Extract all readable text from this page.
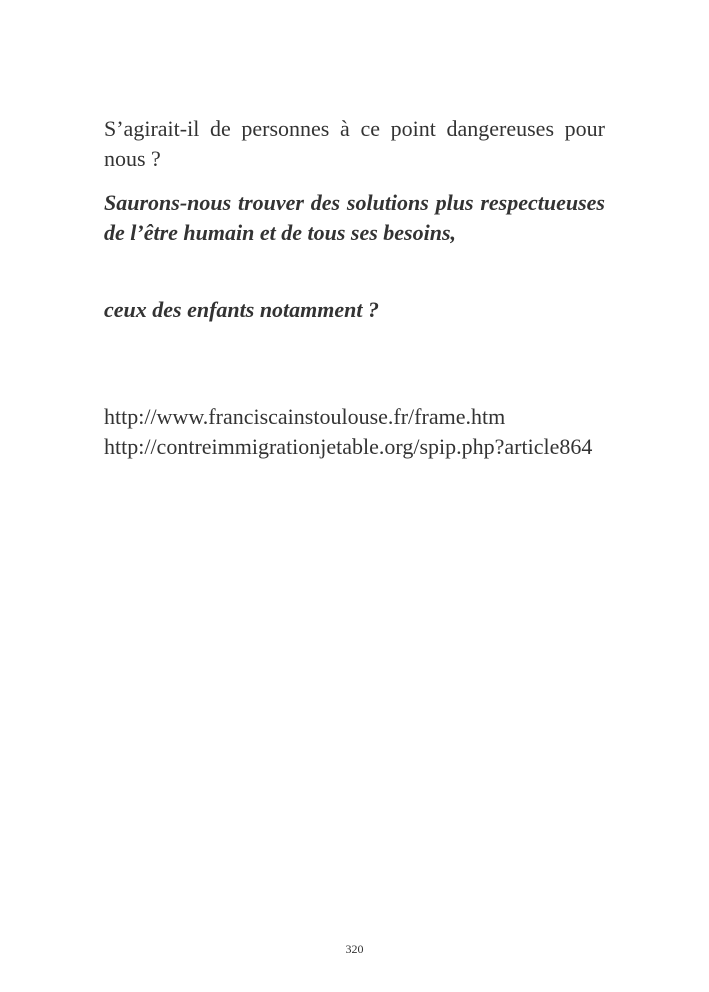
S’agirait-il de personnes à ce point dangereuses pour nous ?

Saurons-nous trouver des solutions plus respectueuses de l’être humain et de tous ses besoins,

ceux des enfants notamment ?

http://www.franciscainstoulouse.fr/frame.htm
http://contreimmigrationjetable.org/spip.php?article864
320
